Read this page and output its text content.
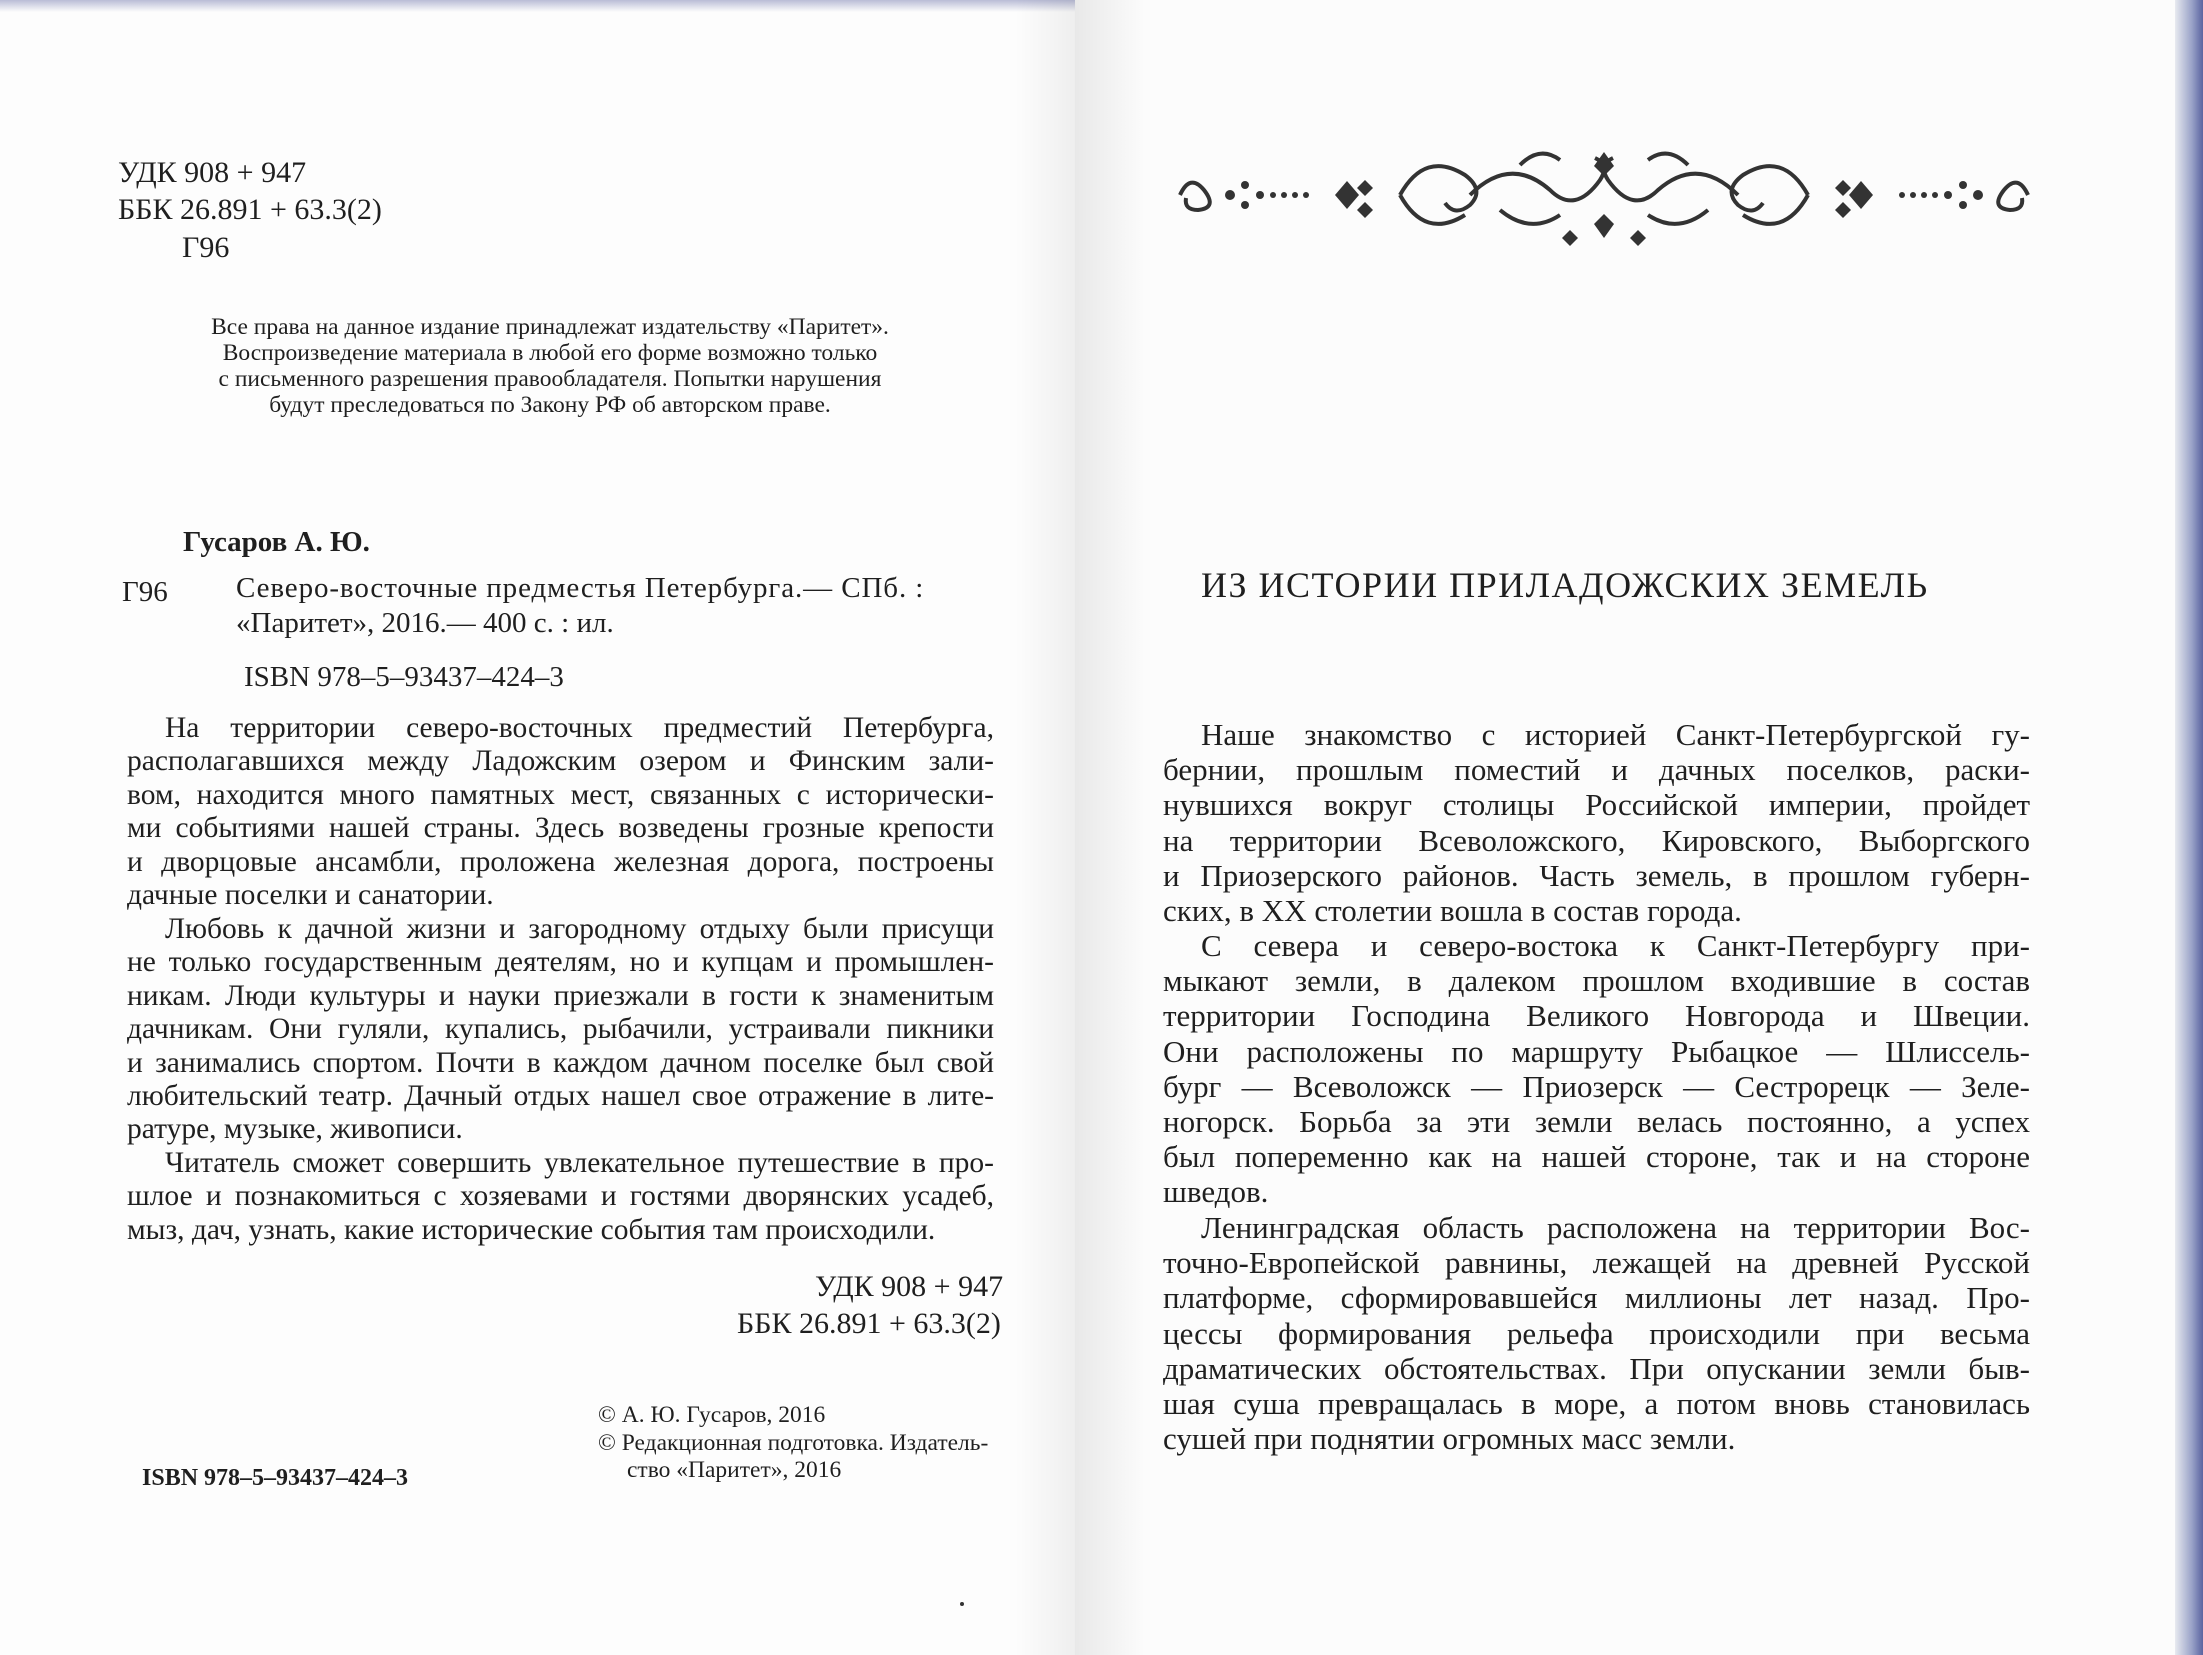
УДК 908 + 947
ББК 26.891 + 63.3(2)
Г96
Все права на данное издание принадлежат издательству «Паритет».
Воспроизведение материала в любой его форме возможно только
с письменного разрешения правообладателя. Попытки нарушения
будут преследоваться по Закону РФ об авторском праве.
Гусаров А. Ю.
Г96 Северо-восточные предместья Петербурга.— СПб. :
«Паритет», 2016.— 400 с. : ил.
ISBN 978–5–93437–424–3
На территории северо-восточных предместий Петербурга,
располагавшихся между Ладожским озером и Финским зали-
вом, находится много памятных мест, связанных с исторически-
ми событиями нашей страны. Здесь возведены грозные крепости
и дворцовые ансамбли, проложена железная дорога, построены
дачные поселки и санатории.
Любовь к дачной жизни и загородному отдыху были присущи
не только государственным деятелям, но и купцам и промышлен-
никам. Люди культуры и науки приезжали в гости к знаменитым
дачникам. Они гуляли, купались, рыбачили, устраивали пикники
и занимались спортом. Почти в каждом дачном поселке был свой
любительский театр. Дачный отдых нашел свое отражение в лите-
ратуре, музыке, живописи.
Читатель сможет совершить увлекательное путешествие в про-
шлое и познакомиться с хозяевами и гостями дворянских усадеб,
мыз, дач, узнать, какие исторические события там происходили.
УДК 908 + 947
ББК 26.891 + 63.3(2)
© А. Ю. Гусаров, 2016
© Редакционная подготовка. Издатель-
ство «Паритет», 2016
ISBN 978–5–93437–424–3
ИЗ ИСТОРИИ ПРИЛАДОЖСКИХ ЗЕМЕЛЬ
Наше знакомство с историей Санкт-Петербургской гу-
бернии, прошлым поместий и дачных поселков, раски-
нувшихся вокруг столицы Российской империи, пройдет
на территории Всеволожского, Кировского, Выборгского
и Приозерского районов. Часть земель, в прошлом губерн-
ских, в XX столетии вошла в состав города.
С севера и северо-востока к Санкт-Петербургу при-
мыкают земли, в далеком прошлом входившие в состав
территории Господина Великого Новгорода и Швеции.
Они расположены по маршруту Рыбацкое — Шлиссель-
бург — Всеволожск — Приозерск — Сестрорецк — Зеле-
ногорск. Борьба за эти земли велась постоянно, а успех
был попеременно как на нашей стороне, так и на стороне
шведов.
Ленинградская область расположена на территории Вос-
точно-Европейской равнины, лежащей на древней Русской
платформе, сформировавшейся миллионы лет назад. Про-
цессы формирования рельефа происходили при весьма
драматических обстоятельствах. При опускании земли быв-
шая суша превращалась в море, а потом вновь становилась
сушей при поднятии огромных масс земли.
